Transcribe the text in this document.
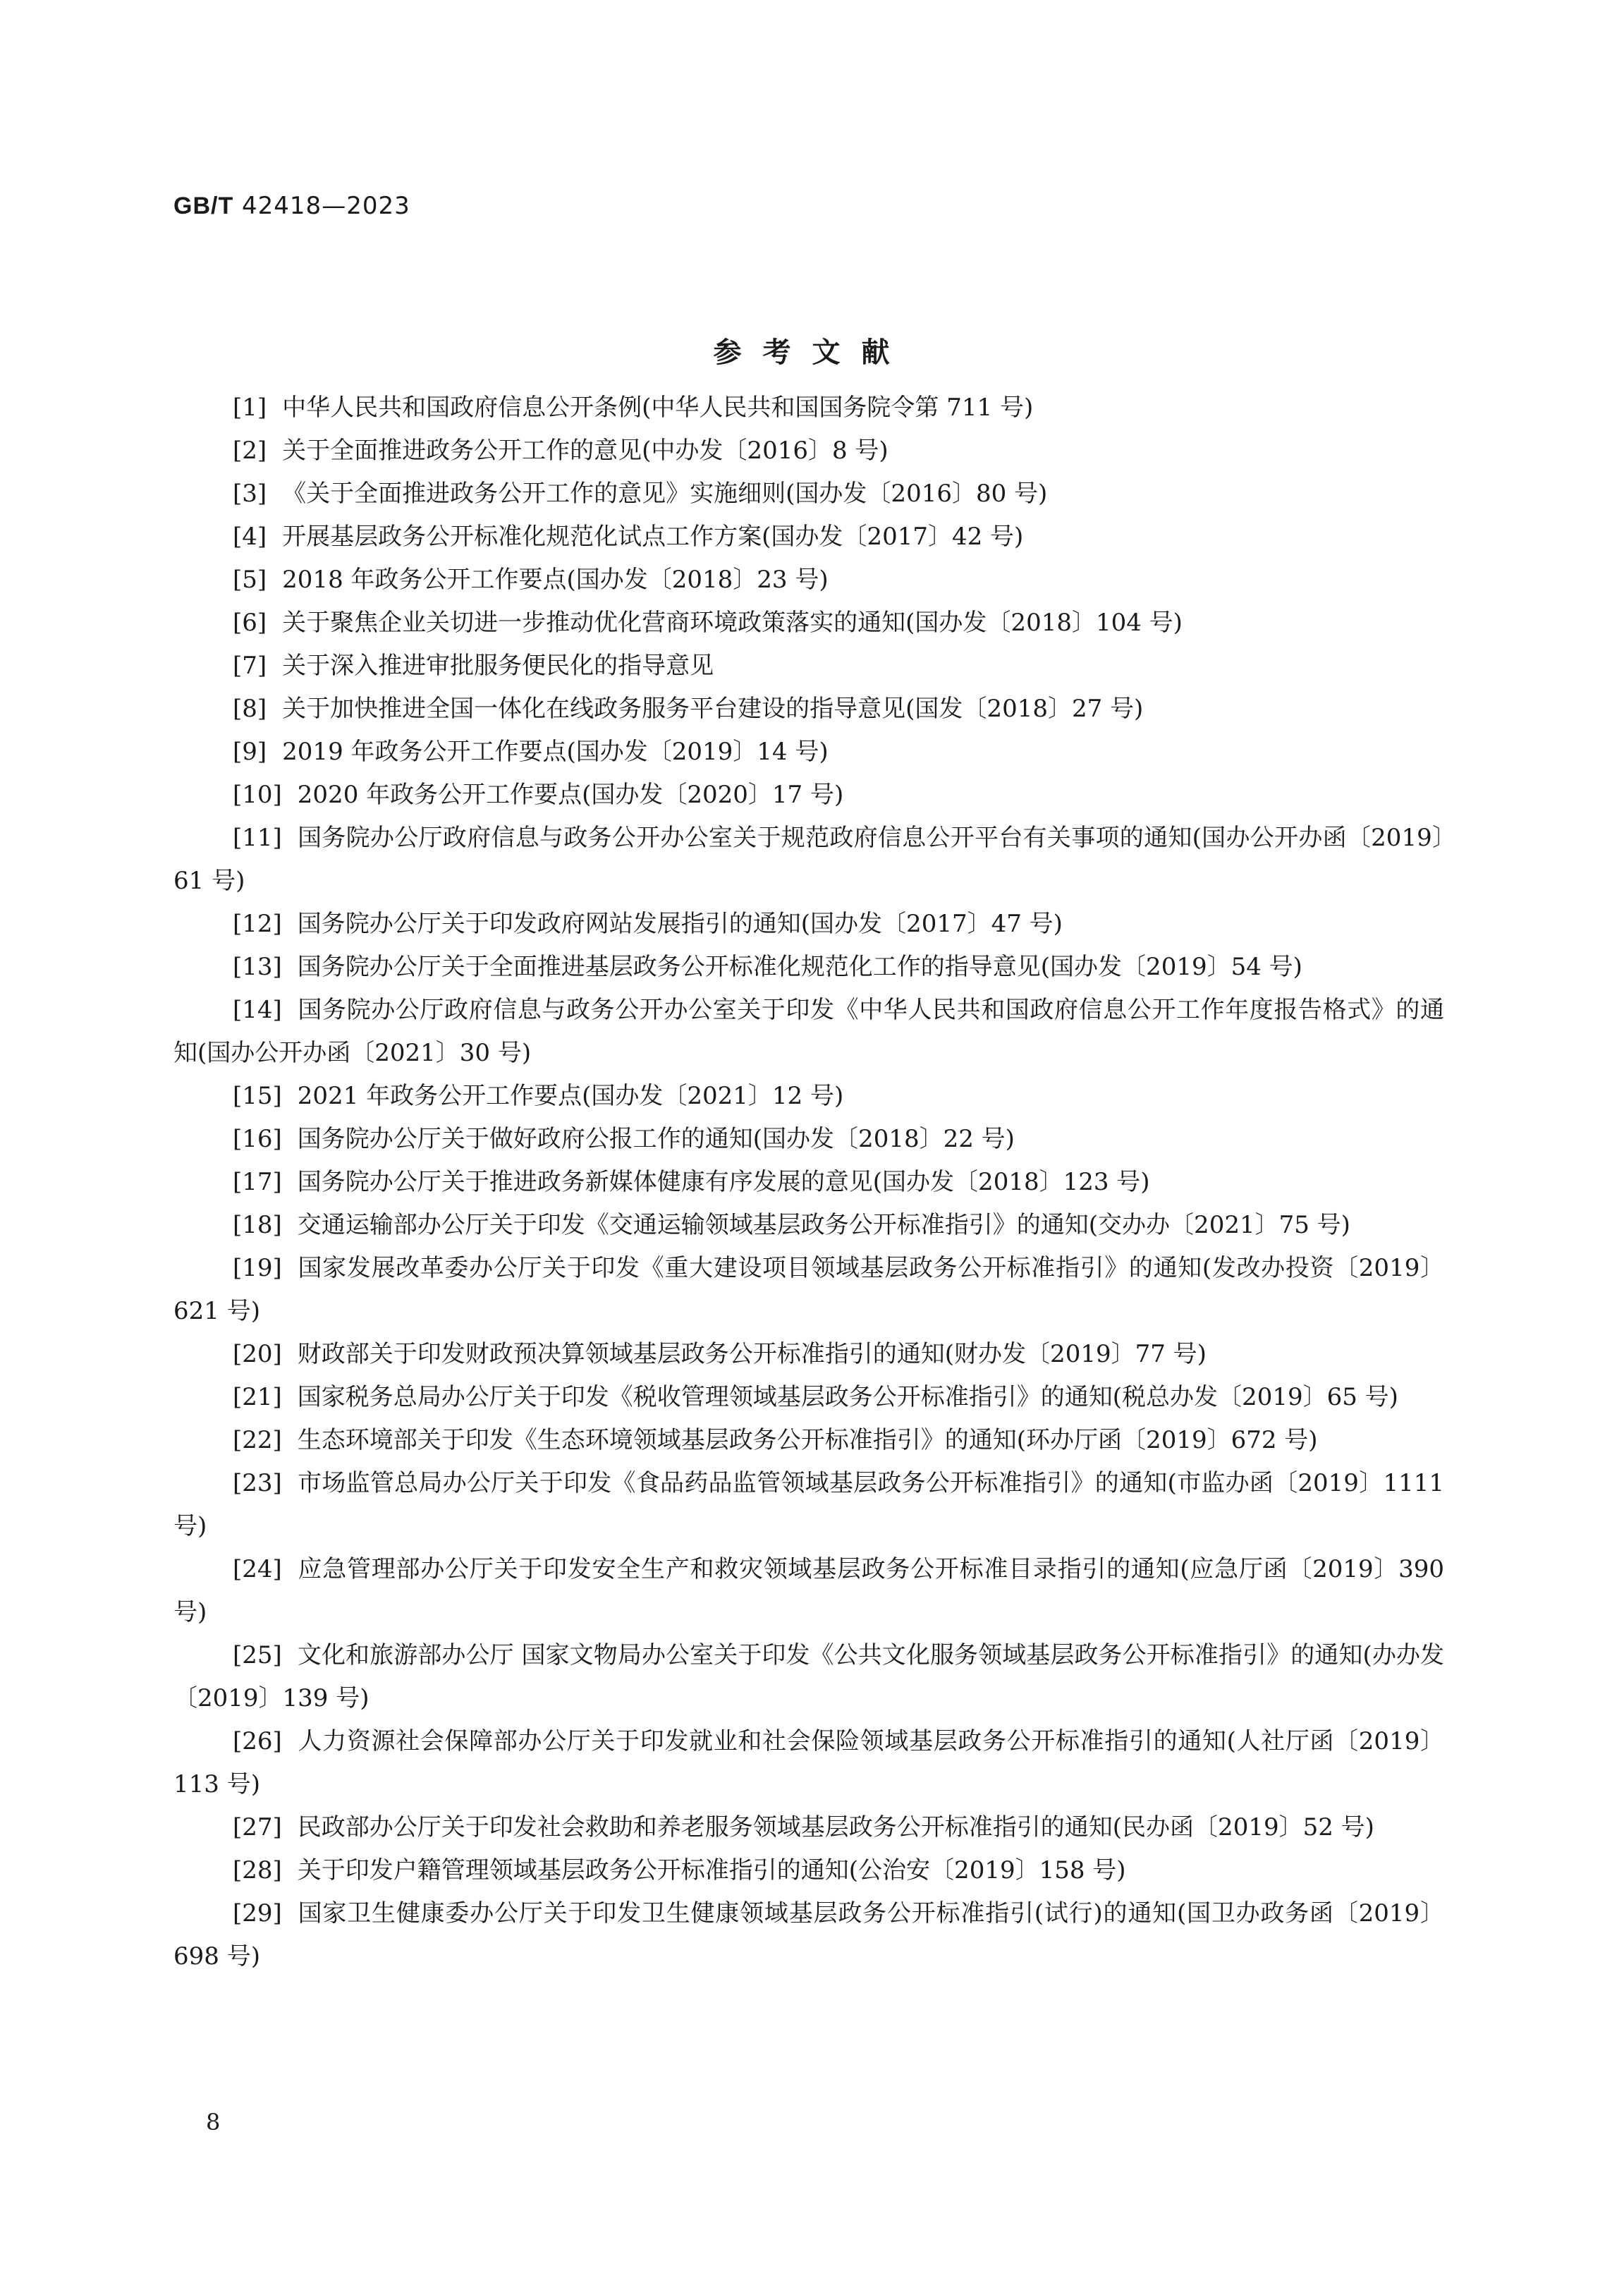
GB/T 42418—2023
参考文献
[1] 中华人民共和国政府信息公开条例(中华人民共和国国务院令第 711 号)
[2] 关于全面推进政务公开工作的意见(中办发〔2016〕8 号)
[3] 《关于全面推进政务公开工作的意见》实施细则(国办发〔2016〕80 号)
[4] 开展基层政务公开标准化规范化试点工作方案(国办发〔2017〕42 号)
[5] 2018 年政务公开工作要点(国办发〔2018〕23 号)
[6] 关于聚焦企业关切进一步推动优化营商环境政策落实的通知(国办发〔2018〕104 号)
[7] 关于深入推进审批服务便民化的指导意见
[8] 关于加快推进全国一体化在线政务服务平台建设的指导意见(国发〔2018〕27 号)
[9] 2019 年政务公开工作要点(国办发〔2019〕14 号)
[10] 2020 年政务公开工作要点(国办发〔2020〕17 号)
[11] 国务院办公厅政府信息与政务公开办公室关于规范政府信息公开平台有关事项的通知(国办公开办函〔2019〕61 号)
[12] 国务院办公厅关于印发政府网站发展指引的通知(国办发〔2017〕47 号)
[13] 国务院办公厅关于全面推进基层政务公开标准化规范化工作的指导意见(国办发〔2019〕54 号)
[14] 国务院办公厅政府信息与政务公开办公室关于印发《中华人民共和国政府信息公开工作年度报告格式》的通知(国办公开办函〔2021〕30 号)
[15] 2021 年政务公开工作要点(国办发〔2021〕12 号)
[16] 国务院办公厅关于做好政府公报工作的通知(国办发〔2018〕22 号)
[17] 国务院办公厅关于推进政务新媒体健康有序发展的意见(国办发〔2018〕123 号)
[18] 交通运输部办公厅关于印发《交通运输领域基层政务公开标准指引》的通知(交办办〔2021〕75 号)
[19] 国家发展改革委办公厅关于印发《重大建设项目领域基层政务公开标准指引》的通知(发改办投资〔2019〕621 号)
[20] 财政部关于印发财政预决算领域基层政务公开标准指引的通知(财办发〔2019〕77 号)
[21] 国家税务总局办公厅关于印发《税收管理领域基层政务公开标准指引》的通知(税总办发〔2019〕65 号)
[22] 生态环境部关于印发《生态环境领域基层政务公开标准指引》的通知(环办厅函〔2019〕672 号)
[23] 市场监管总局办公厅关于印发《食品药品监管领域基层政务公开标准指引》的通知(市监办函〔2019〕1111 号)
[24] 应急管理部办公厅关于印发安全生产和救灾领域基层政务公开标准目录指引的通知(应急厅函〔2019〕390 号)
[25] 文化和旅游部办公厅 国家文物局办公室关于印发《公共文化服务领域基层政务公开标准指引》的通知(办办发〔2019〕139 号)
[26] 人力资源社会保障部办公厅关于印发就业和社会保险领域基层政务公开标准指引的通知(人社厅函〔2019〕113 号)
[27] 民政部办公厅关于印发社会救助和养老服务领域基层政务公开标准指引的通知(民办函〔2019〕52 号)
[28] 关于印发户籍管理领域基层政务公开标准指引的通知(公治安〔2019〕158 号)
[29] 国家卫生健康委办公厅关于印发卫生健康领域基层政务公开标准指引(试行)的通知(国卫办政务函〔2019〕698 号)
8
